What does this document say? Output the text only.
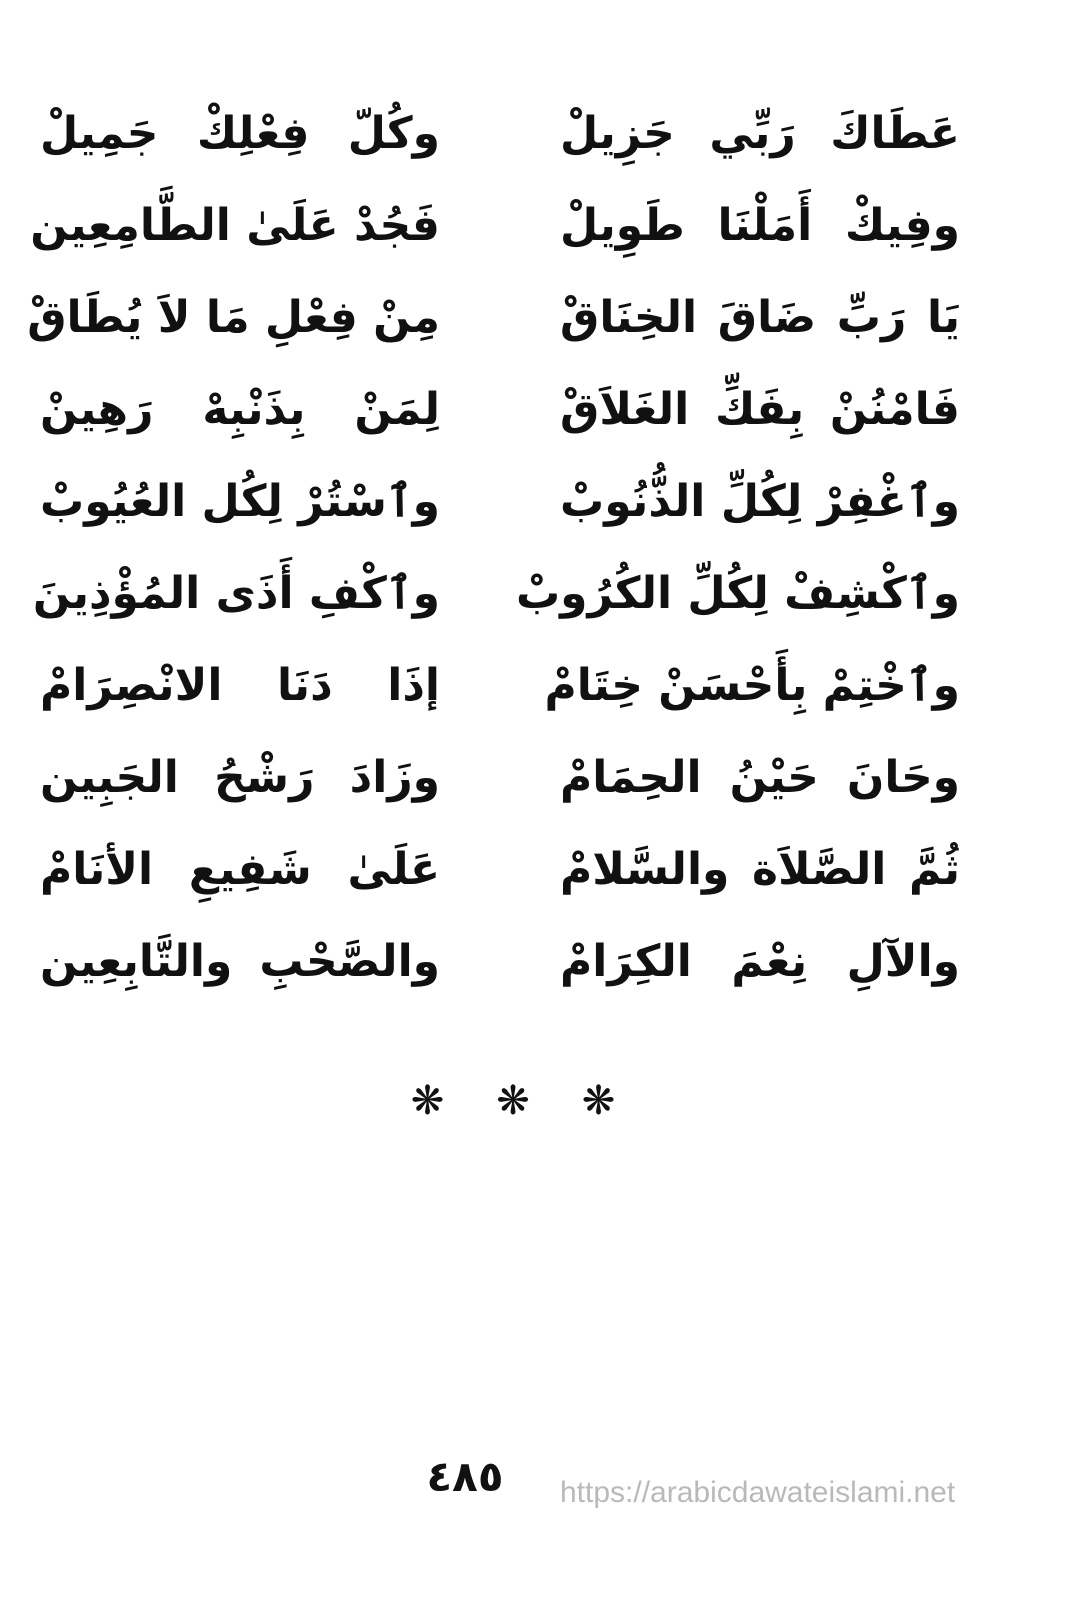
عَطَاكَ رَبِّي جَزِيلْ
وكُلّ فِعْلِكْ جَمِيلْ
وفِيكْ أَمَلْنَا طَوِيلْ
فَجُدْ عَلَىٰ الطَّامِعِين
يَا رَبِّ ضَاقَ الخِنَاقْ
مِنْ فِعْلِ مَا لاَ يُطَاقْ
فَامْنُنْ بِفَكِّ الغَلاَقْ
لِمَنْ بِذَنْبِهْ رَهِينْ
وٱغْفِرْ لِكُلِّ الذُّنُوبْ
وٱسْتُرْ لِكُل العُيُوبْ
وٱكْشِفْ لِكُلِّ الكُرُوبْ
وٱكْفِ أَذَى المُؤْذِينَ
وٱخْتِمْ بِأَحْسَنْ خِتَامْ
إذَا دَنَا الانْصِرَامْ
وحَانَ حَيْنُ الحِمَامْ
وزَادَ رَشْحُ الجَبِين
ثُمَّ الصَّلاَة والسَّلامْ
عَلَىٰ شَفِيعِ الأنَامْ
والآلِ نِعْمَ الكِرَامْ
والصَّحْبِ والتَّابِعِين
❋❋❋
٤٨٥	https://arabicdawateislami.net
